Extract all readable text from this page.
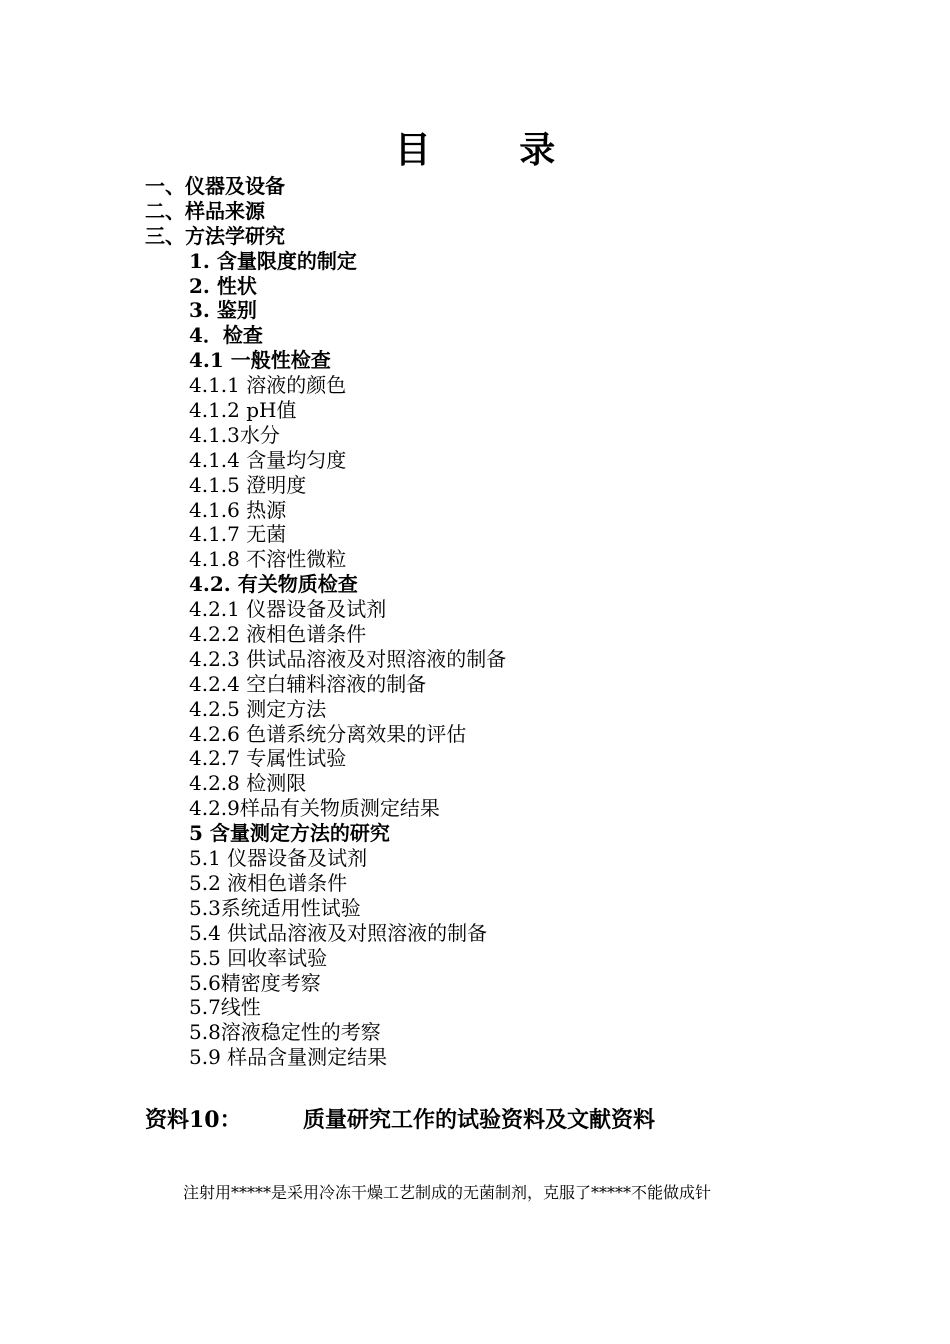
目 录
一、仪器及设备
二、样品来源
三、方法学研究
1. 含量限度的制定
2. 性状
3. 鉴别
4．检查
4.1 一般性检查
4.1.1 溶液的颜色
4.1.2 pH值
4.1.3水分
4.1.4 含量均匀度
4.1.5 澄明度
4.1.6 热源
4.1.7 无菌
4.1.8 不溶性微粒
4.2. 有关物质检查
4.2.1 仪器设备及试剂
4.2.2 液相色谱条件
4.2.3 供试品溶液及对照溶液的制备
4.2.4 空白辅料溶液的制备
4.2.5 测定方法
4.2.6 色谱系统分离效果的评估
4.2.7 专属性试验
4.2.8 检测限
4.2.9样品有关物质测定结果
5 含量测定方法的研究
5.1 仪器设备及试剂
5.2 液相色谱条件
5.3系统适用性试验
5.4 供试品溶液及对照溶液的制备
5.5 回收率试验
5.6精密度考察
5.7线性
5.8溶液稳定性的考察
5.9 样品含量测定结果
资料10：	质量研究工作的试验资料及文献资料
注射用*****是采用冷冻干燥工艺制成的无菌制剂，克服了*****不能做成针
